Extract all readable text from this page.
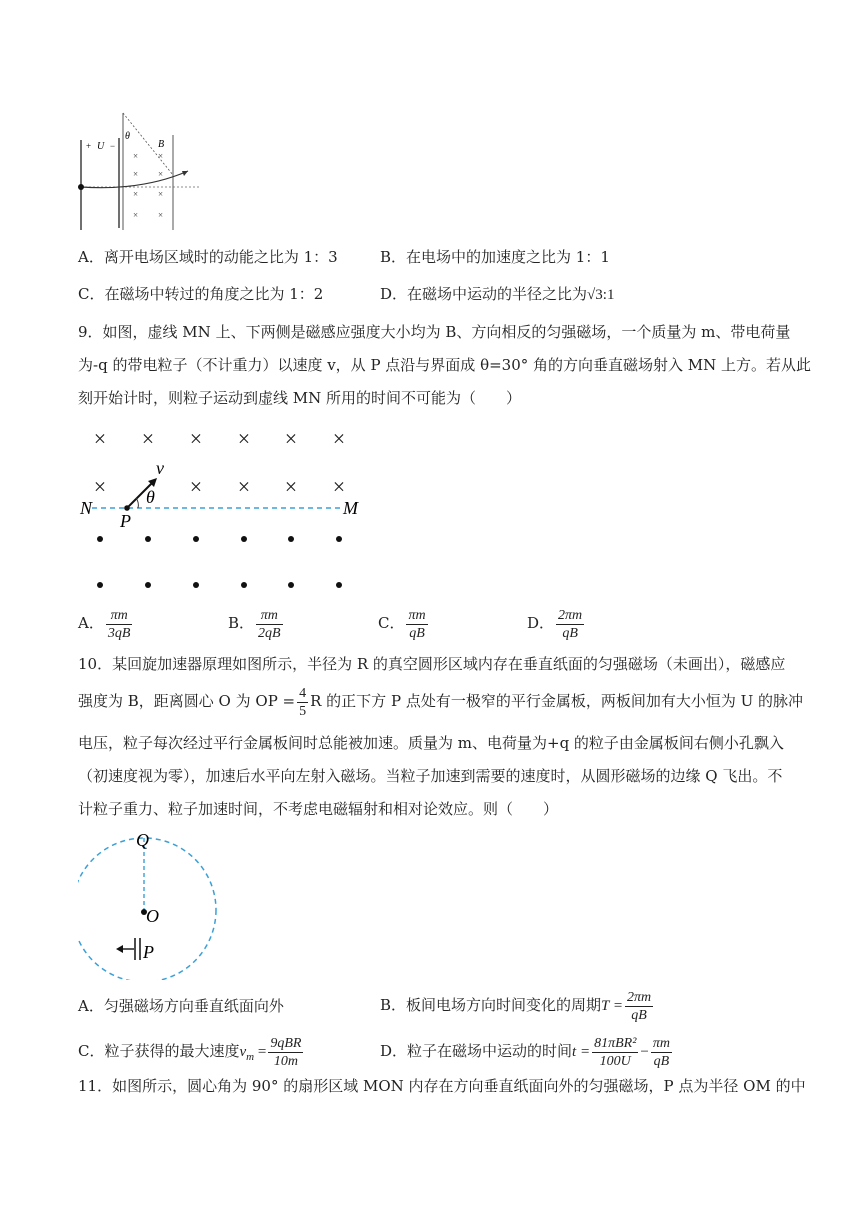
+ U −
θ
B
× ×
× ×
× ×
× ×
A．离开电场区域时的动能之比为 1：3	B．在电场中的加速度之比为 1：1
C．在磁场中转过的角度之比为 1：2	D．在磁场中运动的半径之比为√3:1
9．如图，虚线 MN 上、下两侧是磁感应强度大小均为 B、方向相反的匀强磁场，一个质量为 m、带电荷量
为-q 的带电粒子（不计重力）以速度 v，从 P 点沿与界面成 θ=30° 角的方向垂直磁场射入 MN 上方。若从此
刻开始计时，则粒子运动到虚线 MN 所用的时间不可能为（　　）
× × × × × ×
×	× × × ×
v
θ
N	M
P
A． $\frac{\pi m}{3qB}$	B． $\frac{\pi m}{2qB}$	C． $\frac{\pi m}{qB}$	D． $\frac{2\pi m}{qB}$
10．某回旋加速器原理如图所示，半径为 R 的真空圆形区域内存在垂直纸面的匀强磁场（未画出），磁感应
强度为 B，距离圆心 O 为 OP = $\frac{4}{5}$ R 的正下方 P 点处有一极窄的平行金属板，两板间加有大小恒为 U 的脉冲
电压，粒子每次经过平行金属板间时总能被加速。质量为 m、电荷量为+q 的粒子由金属板间右侧小孔飘入
（初速度视为零），加速后水平向左射入磁场。当粒子加速到需要的速度时，从圆形磁场的边缘 Q 飞出。不
计粒子重力、粒子加速时间，不考虑电磁辐射和相对论效应。则（　　）
Q
O
P
A．匀强磁场方向垂直纸面向外	B．板间电场方向时间变化的周期$T = \frac{2\pi m}{qB}$
C．粒子获得的最大速度$v_m = \frac{\text{9qBR}}{10m}$	D．粒子在磁场中运动的时间$t = \frac{\text{81πBR²}}{100U} - \frac{\pi m}{qB}$
11．如图所示，圆心角为 90° 的扇形区域 MON 内存在方向垂直纸面向外的匀强磁场，P 点为半径 OM 的中
